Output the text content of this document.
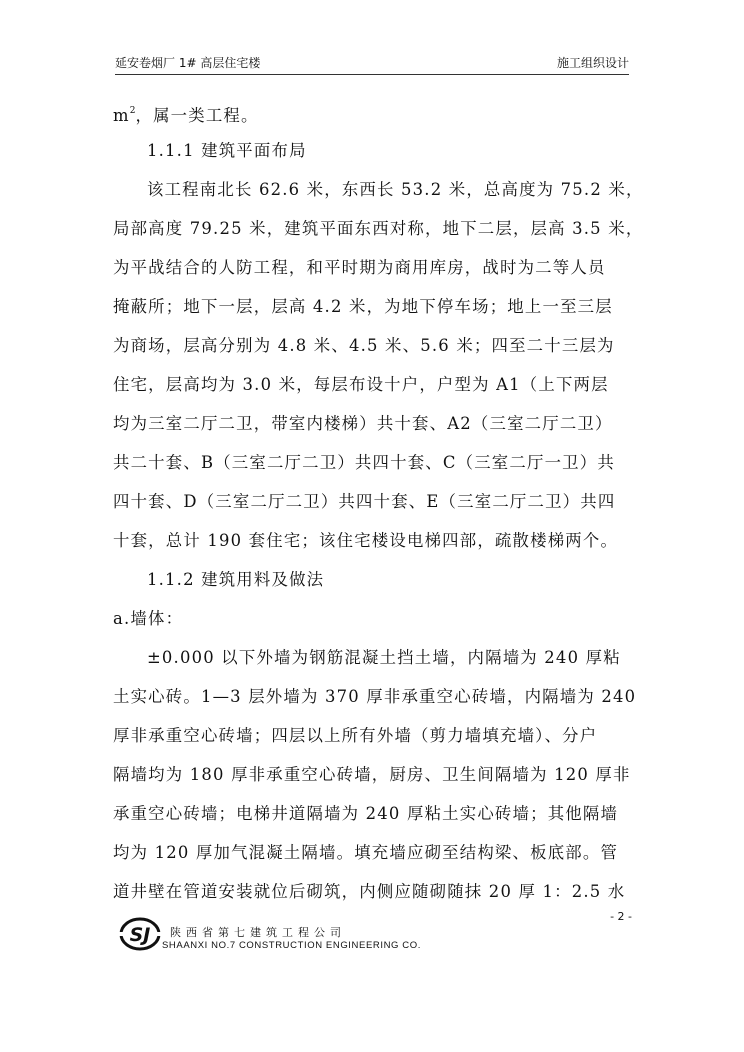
延安卷烟厂 1# 高层住宅楼	施工组织设计
$m^2$，属一类工程。
1.1.1 建筑平面布局
该工程南北长 62.6 米，东西长 53.2 米，总高度为 75.2 米，
局部高度 79.25 米，建筑平面东西对称，地下二层，层高 3.5 米，
为平战结合的人防工程，和平时期为商用库房，战时为二等人员
掩蔽所；地下一层，层高 4.2 米，为地下停车场；地上一至三层
为商场，层高分别为 4.8 米、4.5 米、5.6 米；四至二十三层为
住宅，层高均为 3.0 米，每层布设十户，户型为 A1（上下两层
均为三室二厅二卫，带室内楼梯）共十套、A2（三室二厅二卫）
共二十套、B（三室二厅二卫）共四十套、C（三室二厅一卫）共
四十套、D（三室二厅二卫）共四十套、E（三室二厅二卫）共四
十套，总计 190 套住宅；该住宅楼设电梯四部，疏散楼梯两个。
1.1.2 建筑用料及做法
a.墙体：
±0.000 以下外墙为钢筋混凝土挡土墙，内隔墙为 240 厚粘
土实心砖。1—3 层外墙为 370 厚非承重空心砖墙，内隔墙为 240
厚非承重空心砖墙；四层以上所有外墙（剪力墙填充墙）、分户
隔墙均为 180 厚非承重空心砖墙，厨房、卫生间隔墙为 120 厚非
承重空心砖墙；电梯井道隔墙为 240 厚粘土实心砖墙；其他隔墙
均为 120 厚加气混凝土隔墙。填充墙应砌至结构梁、板底部。管
道井壁在管道安装就位后砌筑，内侧应随砌随抹 20 厚 1：2.5 水
- 2 -
SJ 陕西省第七建筑工程公司
SHAANXI NO.7 CONSTRUCTION ENGINEERING CO.
